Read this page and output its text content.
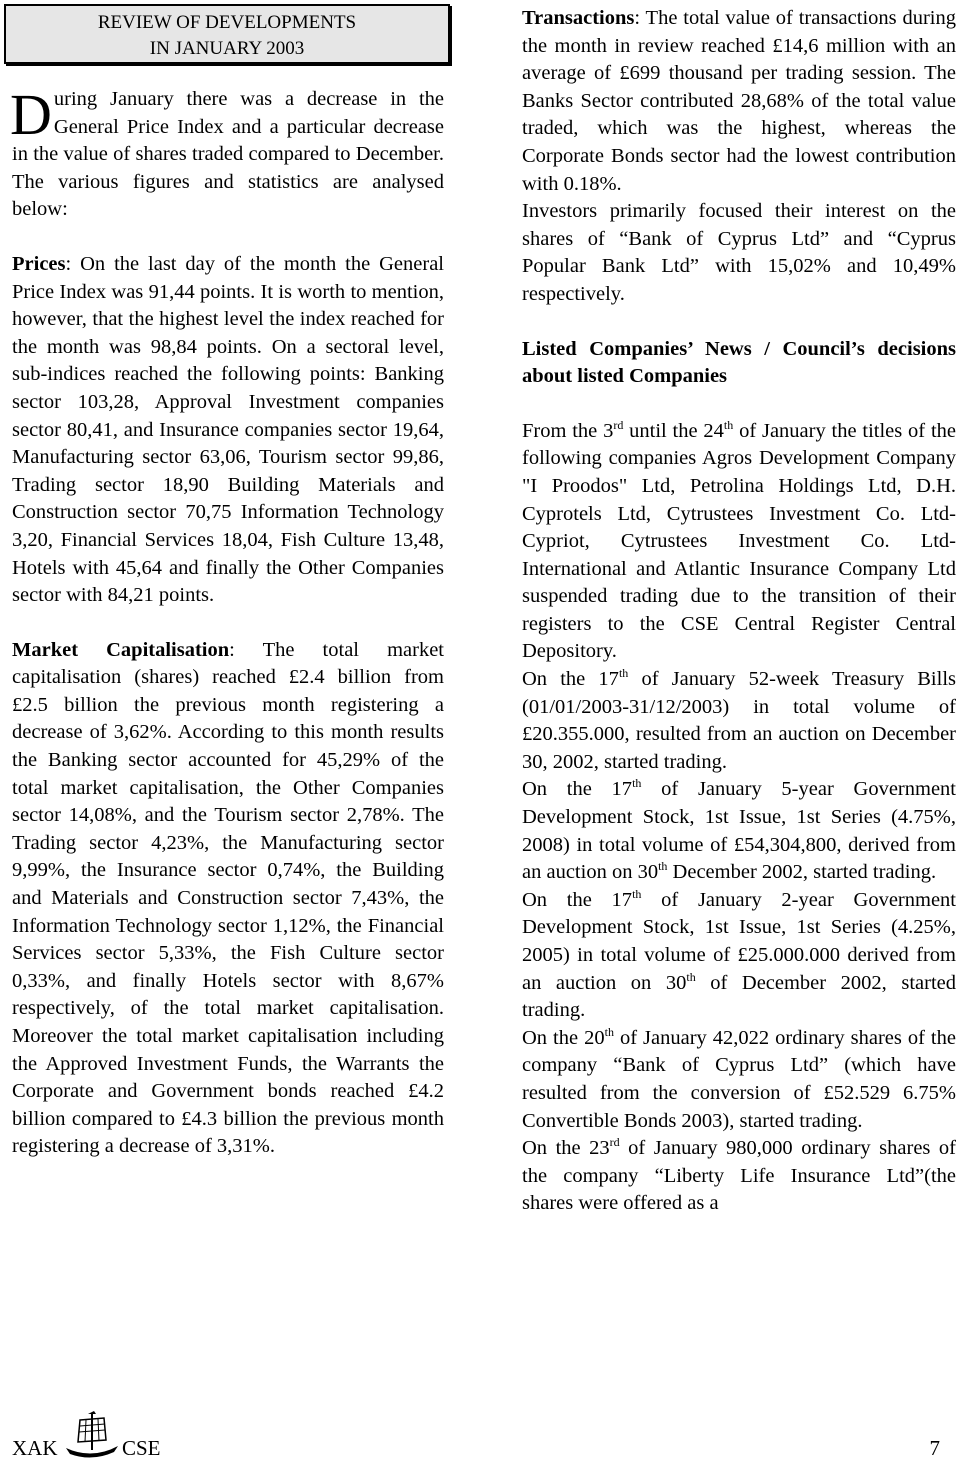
REVIEW OF DEVELOPMENTS
IN JANUARY 2003

During January there was a decrease in the General Price Index and a particular decrease in the value of shares traded compared to December. The various figures and statistics are analysed below:

Prices: On the last day of the month the General Price Index was 91,44 points. It is worth to mention, however, that the highest level the index reached for the month was 98,84 points. On a sectoral level, sub-indices reached the following points: Banking sector 103,28, Approval Investment companies sector 80,41, and Insurance companies sector 19,64, Manufacturing sector 63,06, Tourism sector 99,86, Trading sector 18,90 Building Materials and Construction sector 70,75 Information Technology 3,20, Financial Services 18,04, Fish Culture 13,48, Hotels with 45,64 and finally the Other Companies sector with 84,21 points.

Market Capitalisation: The total market capitalisation (shares) reached £2.4 billion from £2.5 billion the previous month registering a decrease of 3,62%. According to this month results the Banking sector accounted for 45,29% of the total market capitalisation, the Other Companies sector 14,08%, and the Tourism sector 2,78%. The Trading sector 4,23%, the Manufacturing sector 9,99%, the Insurance sector 0,74%, the Building and Materials and Construction sector 7,43%, the Information Technology sector 1,12%, the Financial Services sector 5,33%, the Fish Culture sector 0,33%, and finally Hotels sector with 8,67% respectively, of the total market capitalisation. Moreover the total market capitalisation including the Approved Investment Funds, the Warrants the Corporate and Government bonds reached £4.2 billion compared to £4.3 billion the previous month registering a decrease of 3,31%.

Transactions: The total value of transactions during the month in review reached £14,6 million with an average of £699 thousand per trading session. The Banks Sector contributed 28,68% of the total value traded, which was the highest, whereas the Corporate Bonds sector had the lowest contribution with 0.18%.

Investors primarily focused their interest on the shares of “Bank of Cyprus Ltd” and “Cyprus Popular Bank Ltd” with 15,02% and 10,49% respectively.

Listed Companies’ News / Council’s decisions about listed Companies

From the 3rd until the 24th of January the titles of the following companies Agros Development Company "I Proodos" Ltd, Petrolina Holdings Ltd, D.H. Cyprotels Ltd, Cytrustees Investment Co. Ltd-Cypriot, Cytrustees Investment Co. Ltd-International and Atlantic Insurance Company Ltd suspended trading due to the transition of their registers to the CSE Central Register Central Depository.

On the 17th of January 52-week Treasury Bills (01/01/2003-31/12/2003) in total volume of £20.355.000, resulted from an auction on December 30, 2002, started trading.

On the 17th of January 5-year Government Development Stock, 1st Issue, 1st Series (4.75%, 2008) in total volume of £54,304,800, derived from an auction on 30th December 2002, started trading.

On the 17th of January 2-year Government Development Stock, 1st Issue, 1st Series (4.25%, 2005) in total volume of £25.000.000 derived from an auction on 30th of December 2002, started trading.

On the 20th of January 42,022 ordinary shares of the company “Bank of Cyprus Ltd” (which have resulted from the conversion of £52.529 6.75% Convertible Bonds 2003), started trading.

On the 23rd of January 980,000 ordinary shares of the company “Liberty Life Insurance Ltd”(the shares were offered as a

XAK	CSE	7
